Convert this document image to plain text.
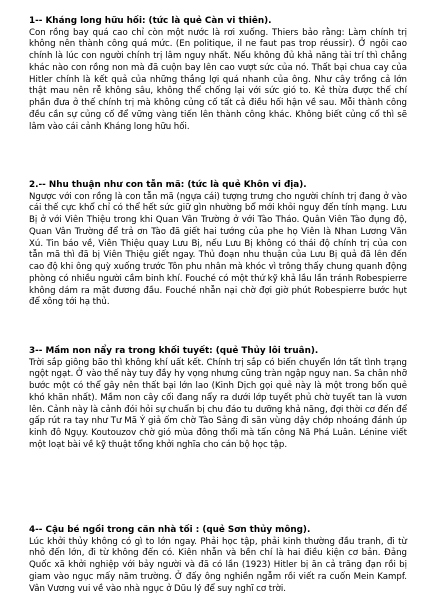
1-- Kháng long hữu hối: (tức là quẻ Càn vi thiên).
Con rồng bay quá cao chỉ còn một nước là rơi xuống. Thiers bảo rằng: Làm chính trị không nên thành công quá mức. (En politique, il ne faut pas trop réussir). Ở ngôi cao chính là lúc con người chính trị lâm nguy nhất. Nếu không đủ khả năng tài trí thì chẳng khác nào con rồng non mà đã cuộn bay lên cao vượt sức của nó. Thất bại chua cay của Hitler chính là kết quả của những thắng lợi quá nhanh của ông. Như cây trồng cả lớn thật mau nên rễ không sâu, không thể chống lại với sức gió to. Kẻ thừa được thế chí phần đưa ở thế chính trị mà không củng cố tất cả điều hối hận về sau. Mỗi thành công đều cần sự củng cố để vững vàng tiến lên thành công khác. Không biết củng cố thì sẽ lâm vào cái cảnh Kháng long hữu hối.
2.-- Nhu thuận như con tẫn mã: (tức là quẻ Khôn vi địa).
Ngược với con rồng là con tẫn mã (ngựa cái) tượng trưng cho người chính trị đang ở vào cái thế cực khổ chỉ có thể hết sức giữ gìn nhường bổ mới khỏi nguy đến tính mạng. Lưu Bị ở với Viên Thiệu trong khi Quan Vân Trường ở với Tào Tháo. Quân Viên Tào đụng độ, Quan Vân Trường để trả ơn Tào đã giết hai tướng của phe họ Viên là Nhan Lương Văn Xú. Tin báo về, Viên Thiệu quay Lưu Bị, nếu Lưu Bị không có thái độ chính trị của con tẫn mã thì đã bị Viên Thiệu giết ngay. Thủ đoạn nhu thuận của Lưu Bị quả đã lên đến cao độ khi ông quỳ xuống trước Tôn phu nhân mà khóc vì trông thấy chung quanh động phòng có nhiều người cầm binh khí. Fouché có một thứ kỹ khả lầu lần tránh Robespierre không dám ra mặt đương đầu. Fouché nhẫn nại chờ đợi giờ phút Robespierre bước hụt để xông tới hạ thủ.
3-- Mầm non nẩy ra trong khối tuyết: (quẻ Thủy lôi truân).
Trời sắp giông bão thì không khí uất kết. Chính trị sắp có biến chuyển lớn tất tình trạng ngột ngạt. Ở vào thế này tuy đầy hy vọng nhưng cũng tràn ngập nguy nan. Sa chân nhỡ bước một có thể gây nên thất bại lớn lao (Kinh Dịch gọi quẻ này là một trong bốn quẻ khó khăn nhất). Mầm non cây cối đang nẩy ra dưới lớp tuyết phủ chờ tuyết tan là vươn lên. Cảnh này là cảnh đói hỏi sự chuẩn bị chu đáo tu dưỡng khả năng, đợi thời cơ đến để gấp rút ra tay như Tư Mã Ý giả ốm chờ Tào Sảng đi săn vùng dậy chớp nhoáng đánh úp kinh đô Ngụy. Koutouzov chờ gió mùa đông thổi mà tấn công Nã Phá Luân. Lénine viết một loạt bài về kỹ thuật tổng khởi nghĩa cho cán bộ học tập.
4-- Cậu bé ngồi trong căn nhà tối : (quẻ Sơn thủy mông).
Lúc khởi thủy không có gì to lớn ngay. Phải học tập, phải kinh thường đầu tranh, đi từ nhỏ đến lớn, đi từ không đến có. Kiên nhẫn và bền chí là hai điều kiện cơ bản. Đảng Quốc xã khởi nghiệp với bảy người và đã có lần (1923) Hitler bị ăn cả trăng đạn rồi bị giam vào ngục mấy năm trường. Ở đấy ông nghiền ngẫm rồi viết ra cuốn Mein Kampf. Vân Vương vui về vào nhà ngục ở Dũu lý để suy nghĩ cơ trời.
